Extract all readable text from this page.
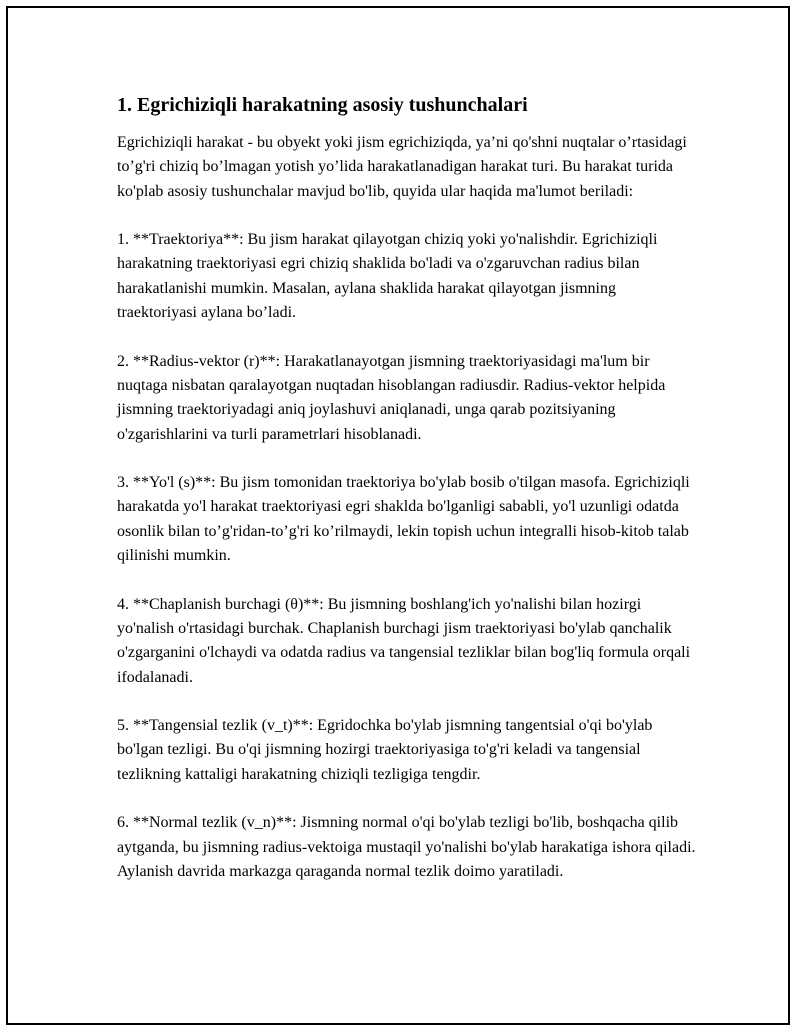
1. Egrichiziqli harakatning asosiy tushunchalari

Egrichiziqli harakat - bu obyekt yoki jism egrichiziqda, ya’ni qo'shni nuqtalar o’rtasidagi to’g'ri chiziq bo’lmagan yotish yo’lida harakatlanadigan harakat turi. Bu harakat turida ko'plab asosiy tushunchalar mavjud bo'lib, quyida ular haqida ma'lumot beriladi:

1. **Traektoriya**: Bu jism harakat qilayotgan chiziq yoki yo'nalishdir. Egrichiziqli harakatning traektoriyasi egri chiziq shaklida bo'ladi va o'zgaruvchan radius bilan harakatlanishi mumkin. Masalan, aylana shaklida harakat qilayotgan jismning traektoriyasi aylana bo’ladi.

2. **Radius-vektor (r)**: Harakatlanayotgan jismning traektoriyasidagi ma'lum bir nuqtaga nisbatan qaralayotgan nuqtadan hisoblangan radiusdir. Radius-vektor helpida jismning traektoriyadagi aniq joylashuvi aniqlanadi, unga qarab pozitsiyaning o'zgarishlarini va turli parametrlari hisoblanadi.

3. **Yo'l (s)**: Bu jism tomonidan traektoriya bo'ylab bosib o'tilgan masofa. Egrichiziqli harakatda yo'l harakat traektoriyasi egri shaklda bo'lganligi sababli, yo'l uzunligi odatda osonlik bilan to’g'ridan-to’g'ri ko’rilmaydi, lekin topish uchun integralli hisob-kitob talab qilinishi mumkin.

4. **Chaplanish burchagi (θ)**: Bu jismning boshlang'ich yo'nalishi bilan hozirgi yo'nalish o'rtasidagi burchak. Chaplanish burchagi jism traektoriyasi bo'ylab qanchalik o'zgarganini o'lchaydi va odatda radius va tangensial tezliklar bilan bog'liq formula orqali ifodalanadi.

5. **Tangensial tezlik (v_t)**: Egridochka bo'ylab jismning tangentsial o'qi bo'ylab bo'lgan tezligi. Bu o'qi jismning hozirgi traektoriyasiga to'g'ri keladi va tangensial tezlikning kattaligi harakatning chiziqli tezligiga tengdir.

6. **Normal tezlik (v_n)**: Jismning normal o'qi bo'ylab tezligi bo'lib, boshqacha qilib aytganda, bu jismning radius-vektoiga mustaqil yo'nalishi bo'ylab harakatiga ishora qiladi. Aylanish davrida markazga qaraganda normal tezlik doimo yaratiladi.
